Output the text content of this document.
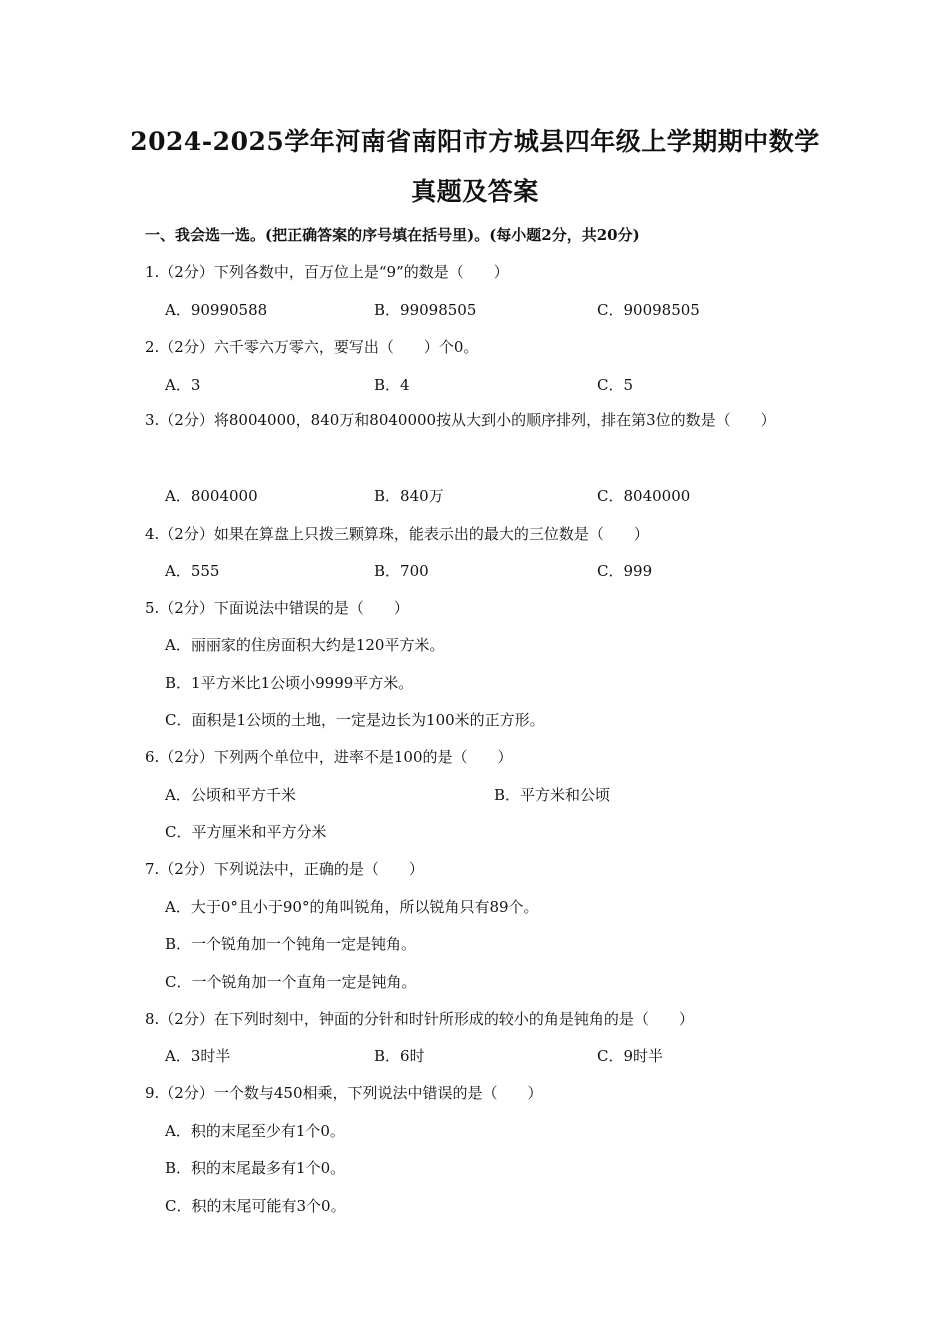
2024-2025学年河南省南阳市方城县四年级上学期期中数学
真题及答案
一、我会选一选。(把正确答案的序号填在括号里)。(每小题2分，共20分)
1.（2分）下列各数中，百万位上是“9”的数是（　　）
A．90990588	B．99098505	C．90098505
2.（2分）六千零六万零六，要写出（　　）个0。
A．3	B．4	C．5
3.（2分）将8004000，840万和8040000按从大到小的顺序排列，排在第3位的数是（　　）
A．8004000	B．840万	C．8040000
4.（2分）如果在算盘上只拨三颗算珠，能表示出的最大的三位数是（　　）
A．555	B．700	C．999
5.（2分）下面说法中错误的是（　　）
A．丽丽家的住房面积大约是120平方米。
B．1平方米比1公顷小9999平方米。
C．面积是1公顷的土地，一定是边长为100米的正方形。
6.（2分）下列两个单位中，进率不是100的是（　　）
A．公顷和平方千米	B．平方米和公顷
C．平方厘米和平方分米
7.（2分）下列说法中，正确的是（　　）
A．大于0°且小于90°的角叫锐角，所以锐角只有89个。
B．一个锐角加一个钝角一定是钝角。
C．一个锐角加一个直角一定是钝角。
8.（2分）在下列时刻中，钟面的分针和时针所形成的较小的角是钝角的是（　　）
A．3时半	B．6时	C．9时半
9.（2分）一个数与450相乘，下列说法中错误的是（　　）
A．积的末尾至少有1个0。
B．积的末尾最多有1个0。
C．积的末尾可能有3个0。
